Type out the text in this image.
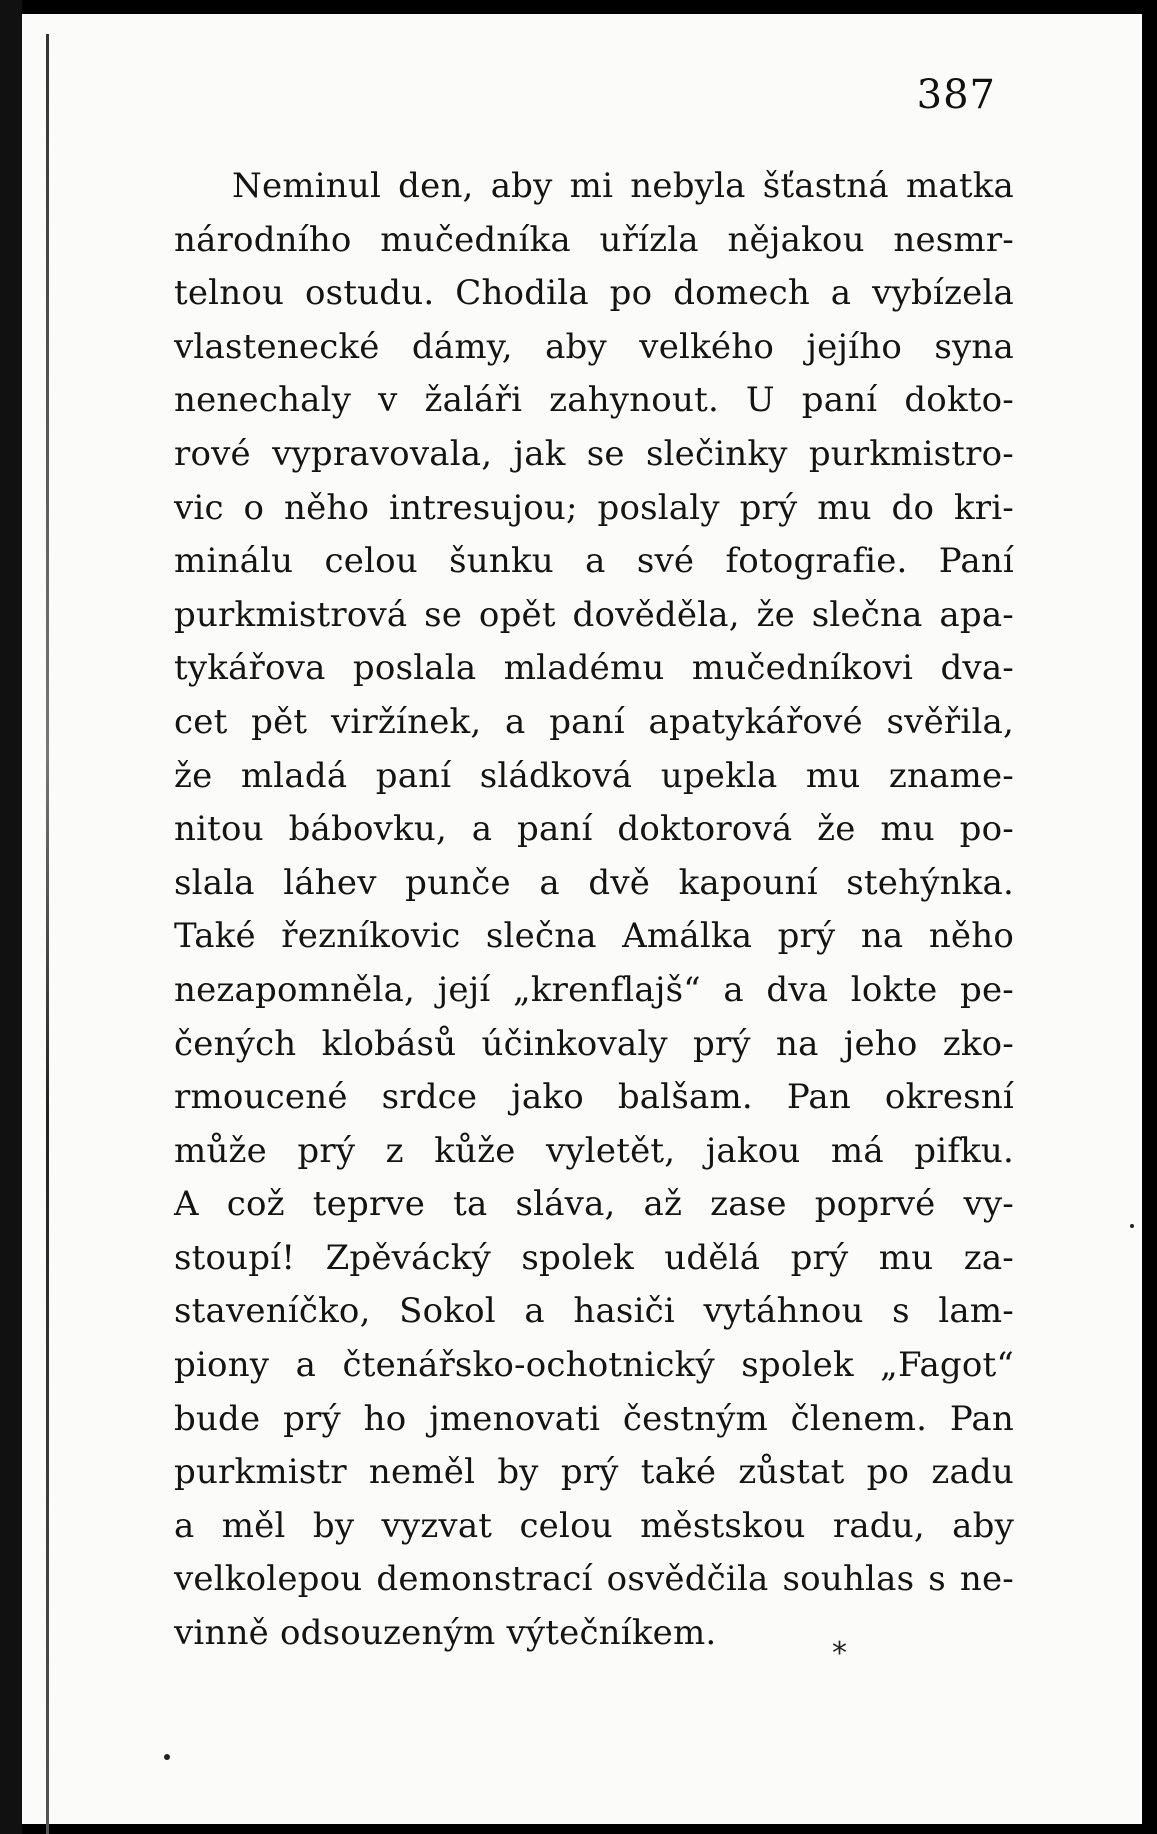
387
Neminul den, aby mi nebyla šťastná matka
národního mučedníka uřízla nějakou nesmr-
telnou ostudu. Chodila po domech a vybízela
vlastenecké dámy, aby velkého jejího syna
nenechaly v žaláři zahynout. U paní dokto-
rové vypravovala, jak se slečinky purkmistro-
vic o něho intresujou; poslaly prý mu do kri-
minálu celou šunku a své fotografie. Paní
purkmistrová se opět dověděla, že slečna apa-
tykářova poslala mladému mučedníkovi dva-
cet pět viržínek, a paní apatykářové svěřila,
že mladá paní sládková upekla mu zname-
nitou bábovku, a paní doktorová že mu po-
slala láhev punče a dvě kapouní stehýnka.
Také řezníkovic slečna Amálka prý na něho
nezapomněla, její „krenflajš“ a dva lokte pe-
čených klobásů účinkovaly prý na jeho zko-
rmoucené srdce jako balšam. Pan okresní
může prý z kůže vyletět, jakou má pifku.
A což teprve ta sláva, až zase poprvé vy-
stoupí! Zpěvácký spolek udělá prý mu za-
staveníčko, Sokol a hasiči vytáhnou s lam-
piony a čtenářsko-ochotnický spolek „Fagot“
bude prý ho jmenovati čestným členem. Pan
purkmistr neměl by prý také zůstat po zadu
a měl by vyzvat celou městskou radu, aby
velkolepou demonstrací osvědčila souhlas s ne-
vinně odsouzeným výtečníkem.
*
